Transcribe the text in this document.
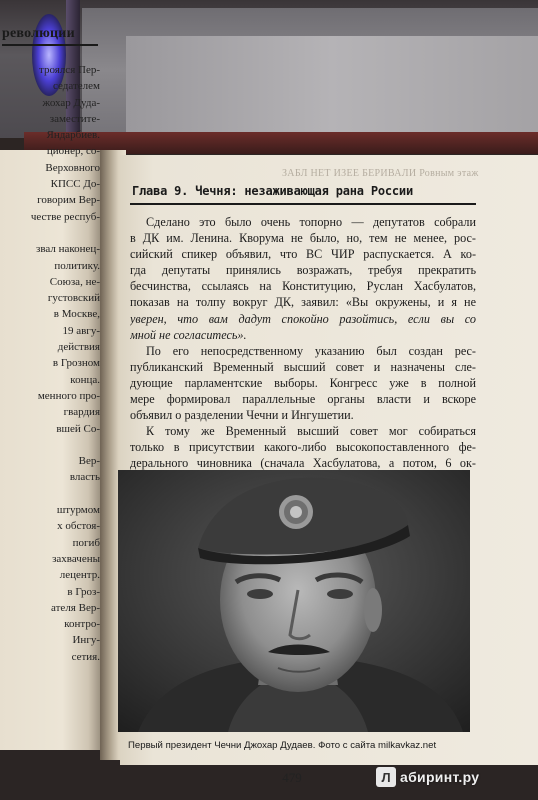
революции
троялся Пер-
седателем
жохар Дуда-
заместите-
Яндарбиев.
ционер, со-
Верховного
КПСС Дo-
говорим Вер-
честве респуб-
звал наконец-
политику.
Союза, не-
густовский
в Москве,
19 авгу-
действия
в Грозном
конца.
менного про-
гвардия
вшей Со-
Вер-
власть
штурмом
х обстоя-
погиб
захвачены
лецентр.
в Гроз-
ателя Вер-
контро-
Ингу-
сетия.
ЗАБЛ НЕТ ИЗЕЕ БЕРИВАЛИ Ровным этаж
Глава 9. Чечня: незаживающая рана России
Сделано это было очень топорно — депутатов собрали
в ДК им. Ленина. Кворума не было, но, тем не менее, рос-
сийский спикер объявил, что ВС ЧИР распускается. А ко-
гда депутаты принялись возражать, требуя прекратить
бесчинства, ссылаясь на Конституцию, Руслан Хасбулатов,
показав на толпу вокруг ДК, заявил: «Вы окружены, и я не
уверен, что вам дадут спокойно разойтись, если вы со
мной не согласитесь».
По его непосредственному указанию был создан рес-
публиканский Временный высший совет и назначены сле-
дующие парламентские выборы. Конгресс уже в полной
мере формировал параллельные органы власти и вскоре
объявил о разделении Чечни и Ингушетии.
К тому же Временный высший совет мог собираться
только в присутствии какого-либо высокопоставленного фе-
дерального чиновника (сначала Хасбулатова, а потом, 6 ок-
Первый президент Чечни Джохар Дудаев. Фото с сайта milkavkaz.net
479	Л абиринт.ру
